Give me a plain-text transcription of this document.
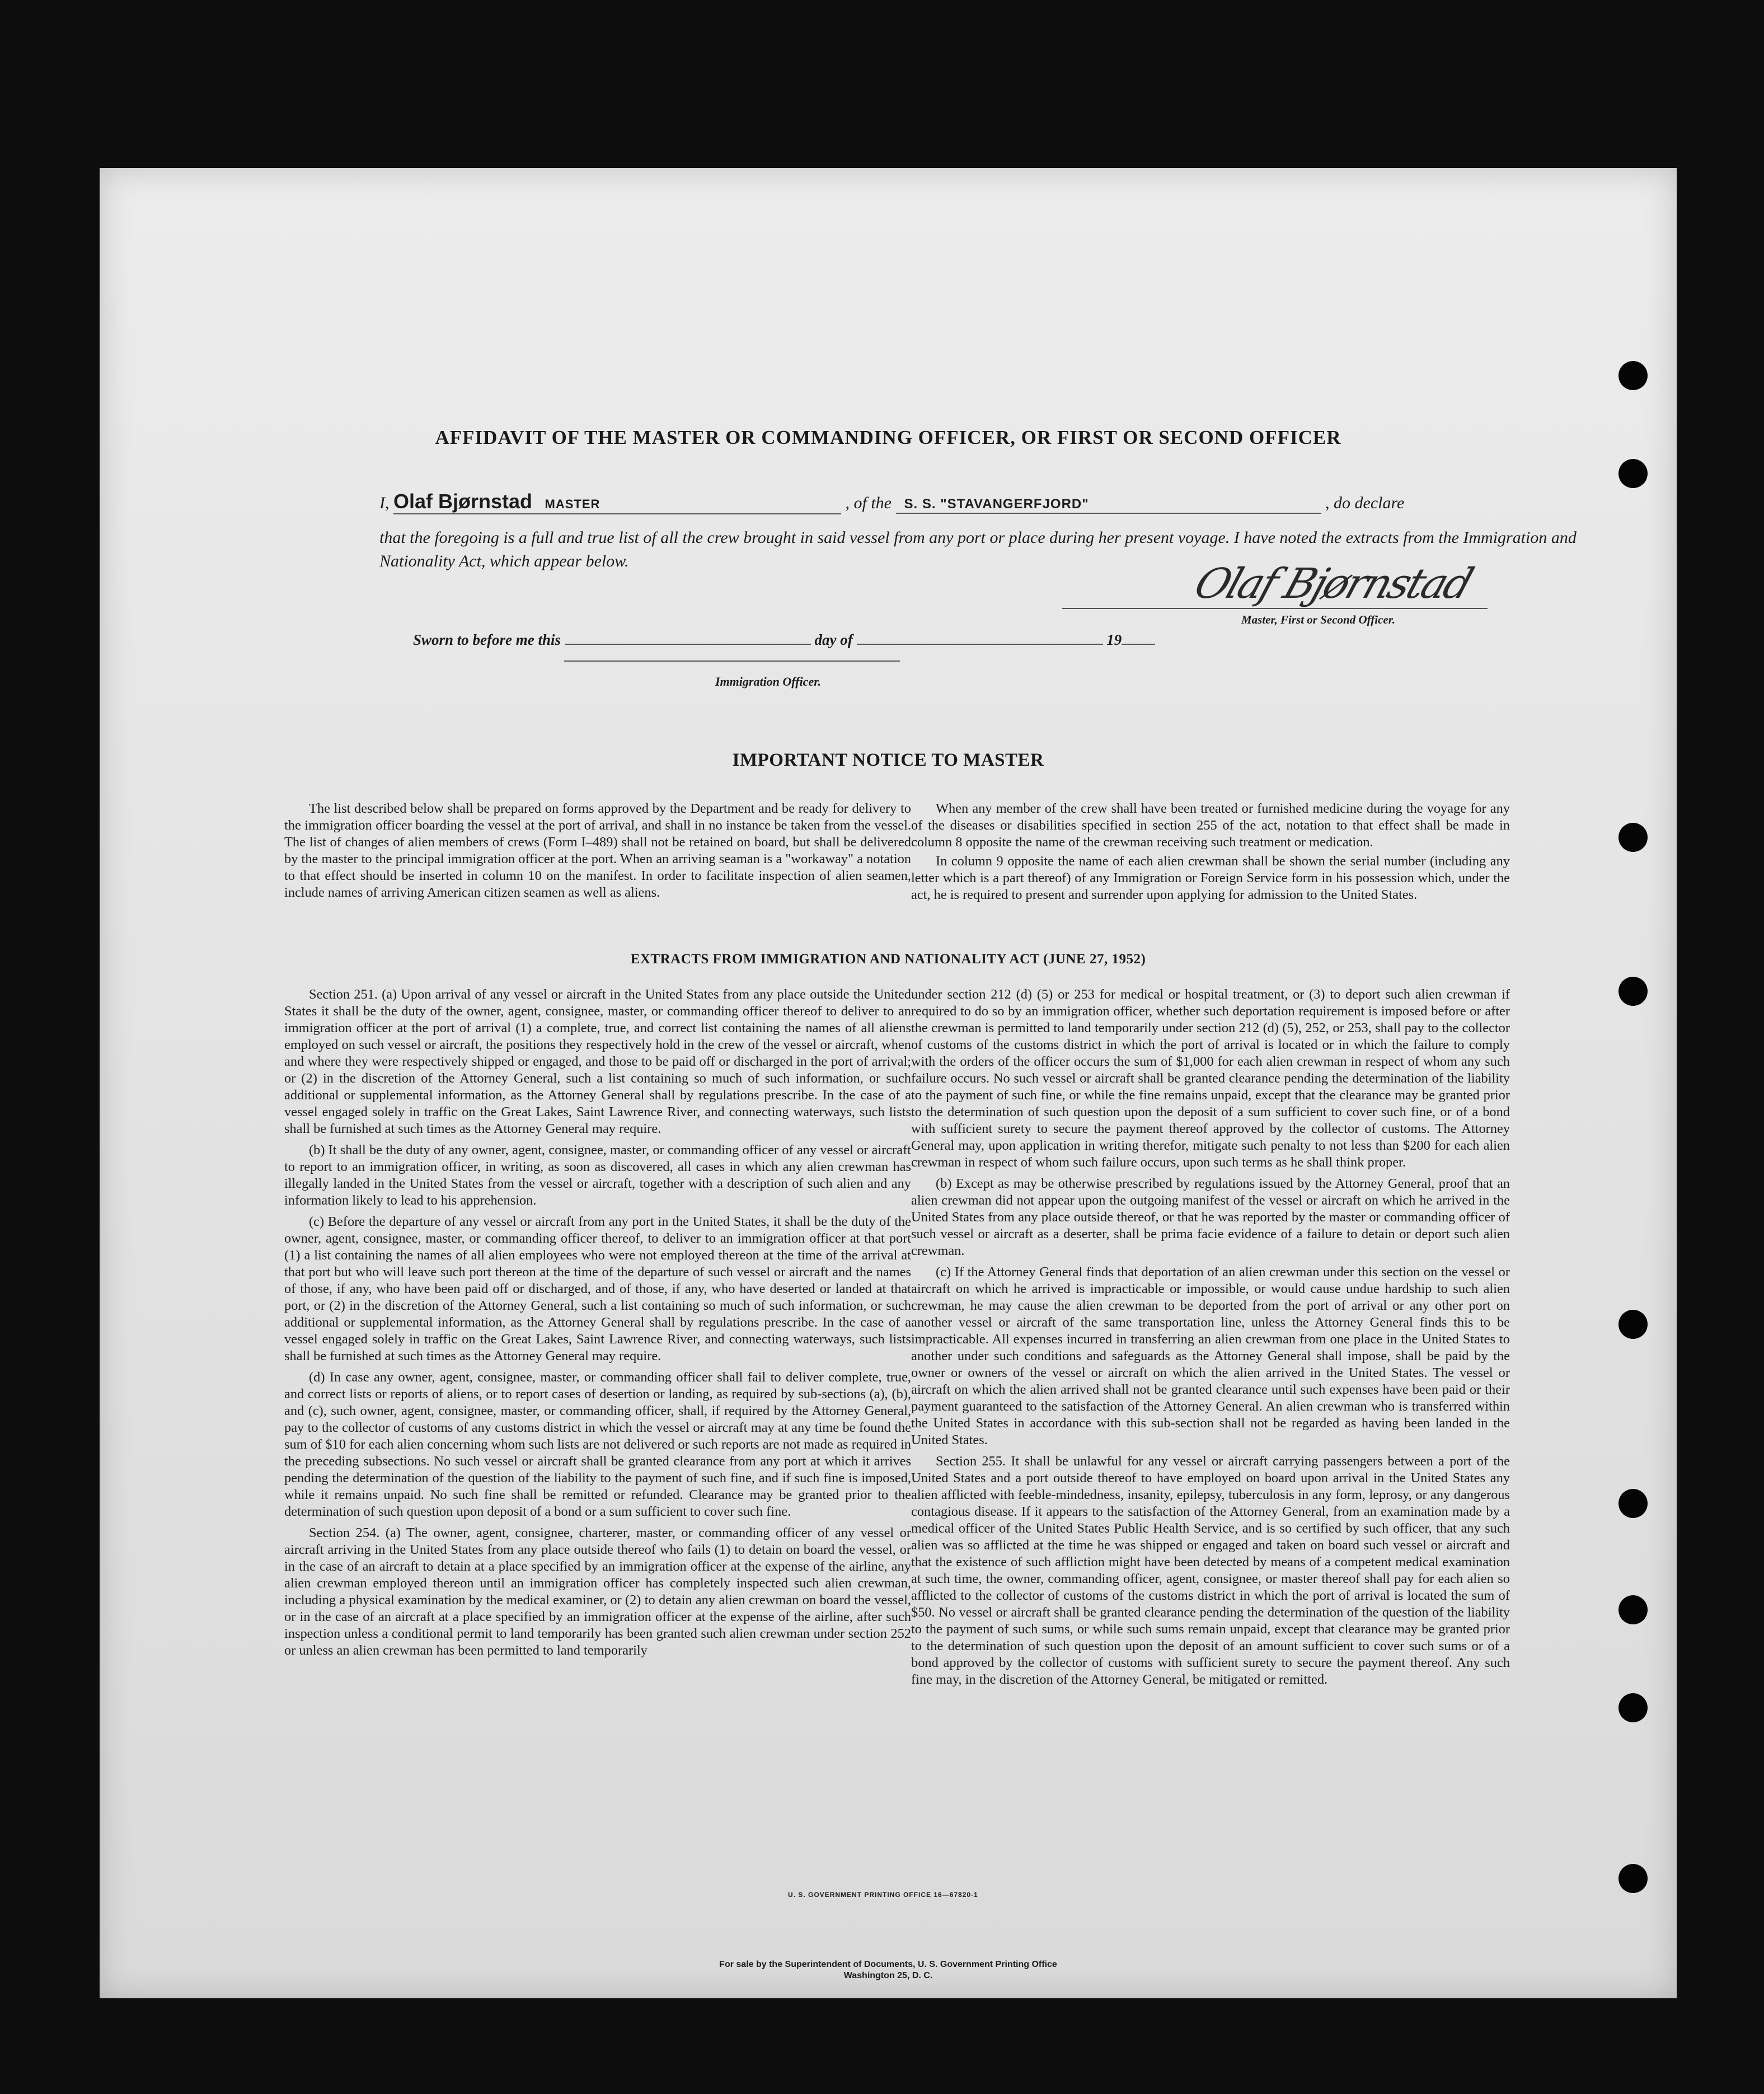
AFFIDAVIT OF THE MASTER OR COMMANDING OFFICER, OR FIRST OR SECOND OFFICER
I, Olaf Bjørnstad MASTER	, of the S. S. "STAVANGERFJORD"	, do declare
that the foregoing is a full and true list of all the crew brought in said vessel from any port or place during her present voyage. I have noted the extracts from the Immigration and Nationality Act, which appear below.	Olaf Bjørnstad
Master, First or Second Officer.
Sworn to before me this	day of	19
Immigration Officer.
IMPORTANT NOTICE TO MASTER

The list described below shall be prepared on forms approved by the Department and be ready for delivery to the immigration officer boarding the vessel at the port of arrival, and shall in no instance be taken from the vessel. The list of changes of alien members of crews (Form I–489) shall not be retained on board, but shall be delivered by the master to the principal immigration officer at the port. When an arriving seaman is a "workaway" a notation to that effect should be inserted in column 10 on the manifest. In order to facilitate inspection of alien seamen, include names of arriving American citizen seamen as well as aliens.

When any member of the crew shall have been treated or furnished medicine during the voyage for any of the diseases or disabilities specified in section 255 of the act, notation to that effect shall be made in column 8 opposite the name of the crewman receiving such treatment or medication.

In column 9 opposite the name of each alien crewman shall be shown the serial number (including any letter which is a part thereof) of any Immigration or Foreign Service form in his possession which, under the act, he is required to present and surrender upon applying for admission to the United States.

EXTRACTS FROM IMMIGRATION AND NATIONALITY ACT (JUNE 27, 1952)

Section 251. (a) Upon arrival of any vessel or aircraft in the United States from any place outside the United States it shall be the duty of the owner, agent, consignee, master, or commanding officer thereof to deliver to an immigration officer at the port of arrival (1) a complete, true, and correct list containing the names of all aliens employed on such vessel or aircraft, the positions they respectively hold in the crew of the vessel or aircraft, when and where they were respectively shipped or engaged, and those to be paid off or discharged in the port of arrival; or (2) in the discretion of the Attorney General, such a list containing so much of such information, or such additional or supplemental information, as the Attorney General shall by regulations prescribe. In the case of a vessel engaged solely in traffic on the Great Lakes, Saint Lawrence River, and connecting waterways, such lists shall be furnished at such times as the Attorney General may require.

(b) It shall be the duty of any owner, agent, consignee, master, or commanding officer of any vessel or aircraft to report to an immigration officer, in writing, as soon as discovered, all cases in which any alien crewman has illegally landed in the United States from the vessel or aircraft, together with a description of such alien and any information likely to lead to his apprehension.

(c) Before the departure of any vessel or aircraft from any port in the United States, it shall be the duty of the owner, agent, consignee, master, or commanding officer thereof, to deliver to an immigration officer at that port (1) a list containing the names of all alien employees who were not employed thereon at the time of the arrival at that port but who will leave such port thereon at the time of the departure of such vessel or aircraft and the names of those, if any, who have been paid off or discharged, and of those, if any, who have deserted or landed at that port, or (2) in the discretion of the Attorney General, such a list containing so much of such information, or such additional or supplemental information, as the Attorney General shall by regulations prescribe. In the case of a vessel engaged solely in traffic on the Great Lakes, Saint Lawrence River, and connecting waterways, such lists shall be furnished at such times as the Attorney General may require.

(d) In case any owner, agent, consignee, master, or commanding officer shall fail to deliver complete, true, and correct lists or reports of aliens, or to report cases of desertion or landing, as required by sub-sections (a), (b), and (c), such owner, agent, consignee, master, or commanding officer, shall, if required by the Attorney General, pay to the collector of customs of any customs district in which the vessel or aircraft may at any time be found the sum of $10 for each alien concerning whom such lists are not delivered or such reports are not made as required in the preceding subsections. No such vessel or aircraft shall be granted clearance from any port at which it arrives pending the determination of the question of the liability to the payment of such fine, and if such fine is imposed, while it remains unpaid. No such fine shall be remitted or refunded. Clearance may be granted prior to the determination of such question upon deposit of a bond or a sum sufficient to cover such fine.

Section 254. (a) The owner, agent, consignee, charterer, master, or commanding officer of any vessel or aircraft arriving in the United States from any place outside thereof who fails (1) to detain on board the vessel, or in the case of an aircraft to detain at a place specified by an immigration officer at the expense of the airline, any alien crewman employed thereon until an immigration officer has completely inspected such alien crewman, including a physical examination by the medical examiner, or (2) to detain any alien crewman on board the vessel, or in the case of an aircraft at a place specified by an immigration officer at the expense of the airline, after such inspection unless a conditional permit to land temporarily has been granted such alien crewman under section 252 or unless an alien crewman has been permitted to land temporarily

under section 212 (d) (5) or 253 for medical or hospital treatment, or (3) to deport such alien crewman if required to do so by an immigration officer, whether such deportation requirement is imposed before or after the crewman is permitted to land temporarily under section 212 (d) (5), 252, or 253, shall pay to the collector of customs of the customs district in which the port of arrival is located or in which the failure to comply with the orders of the officer occurs the sum of $1,000 for each alien crewman in respect of whom any such failure occurs. No such vessel or aircraft shall be granted clearance pending the determination of the liability to the payment of such fine, or while the fine remains unpaid, except that the clearance may be granted prior to the determination of such question upon the deposit of a sum sufficient to cover such fine, or of a bond with sufficient surety to secure the payment thereof approved by the collector of customs. The Attorney General may, upon application in writing therefor, mitigate such penalty to not less than $200 for each alien crewman in respect of whom such failure occurs, upon such terms as he shall think proper.

(b) Except as may be otherwise prescribed by regulations issued by the Attorney General, proof that an alien crewman did not appear upon the outgoing manifest of the vessel or aircraft on which he arrived in the United States from any place outside thereof, or that he was reported by the master or commanding officer of such vessel or aircraft as a deserter, shall be prima facie evidence of a failure to detain or deport such alien crewman.

(c) If the Attorney General finds that deportation of an alien crewman under this section on the vessel or aircraft on which he arrived is impracticable or impossible, or would cause undue hardship to such alien crewman, he may cause the alien crewman to be deported from the port of arrival or any other port on another vessel or aircraft of the same transportation line, unless the Attorney General finds this to be impracticable. All expenses incurred in transferring an alien crewman from one place in the United States to another under such conditions and safeguards as the Attorney General shall impose, shall be paid by the owner or owners of the vessel or aircraft on which the alien arrived in the United States. The vessel or aircraft on which the alien arrived shall not be granted clearance until such expenses have been paid or their payment guaranteed to the satisfaction of the Attorney General. An alien crewman who is transferred within the United States in accordance with this sub-section shall not be regarded as having been landed in the United States.

Section 255. It shall be unlawful for any vessel or aircraft carrying passengers between a port of the United States and a port outside thereof to have employed on board upon arrival in the United States any alien afflicted with feeble-mindedness, insanity, epilepsy, tuberculosis in any form, leprosy, or any dangerous contagious disease. If it appears to the satisfaction of the Attorney General, from an examination made by a medical officer of the United States Public Health Service, and is so certified by such officer, that any such alien was so afflicted at the time he was shipped or engaged and taken on board such vessel or aircraft and that the existence of such affliction might have been detected by means of a competent medical examination at such time, the owner, commanding officer, agent, consignee, or master thereof shall pay for each alien so afflicted to the collector of customs of the customs district in which the port of arrival is located the sum of $50. No vessel or aircraft shall be granted clearance pending the determination of the question of the liability to the payment of such sums, or while such sums remain unpaid, except that clearance may be granted prior to the determination of such question upon the deposit of an amount sufficient to cover such sums or of a bond approved by the collector of customs with sufficient surety to secure the payment thereof. Any such fine may, in the discretion of the Attorney General, be mitigated or remitted.

U. S. GOVERNMENT PRINTING OFFICE 16—67820-1
For sale by the Superintendent of Documents, U. S. Government Printing Office
Washington 25, D. C.
